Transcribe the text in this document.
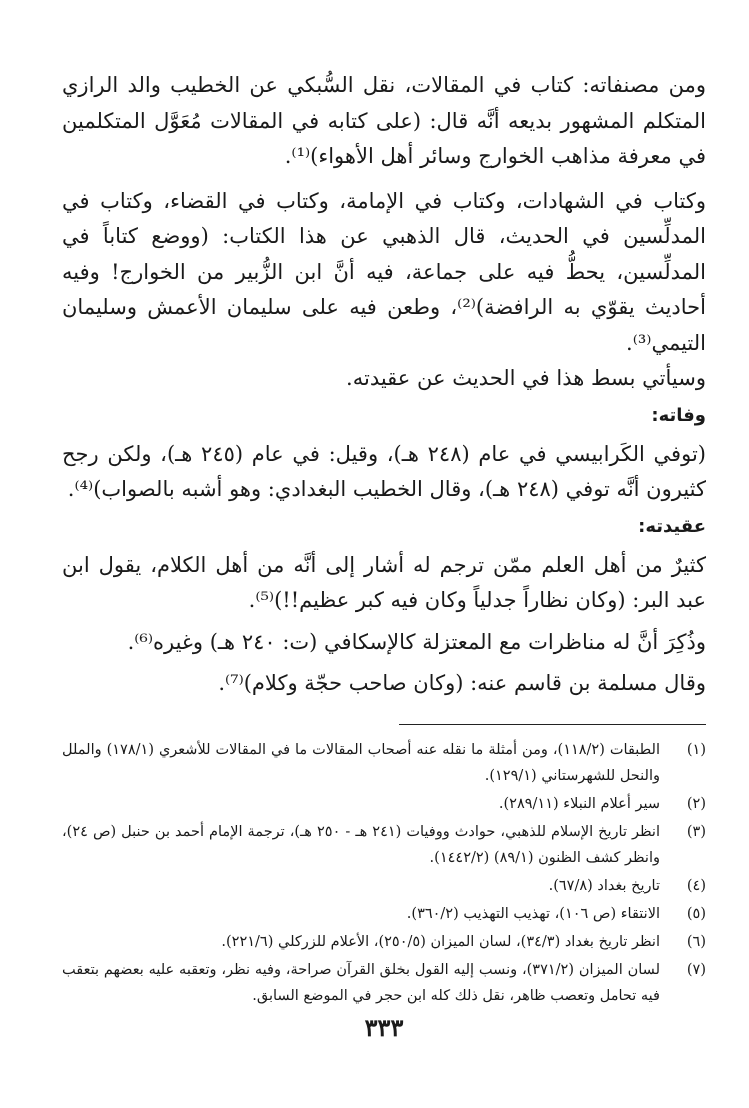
ومن مصنفاته: كتاب في المقالات، نقل السُّبكي عن الخطيب والد الرازي المتكلم المشهور بديعه أنَّه قال: (على كتابه في المقالات مُعَوَّل المتكلمين في معرفة مذاهب الخوارج وسائر أهل الأهواء)⁽¹⁾.

وكتاب في الشهادات، وكتاب في الإمامة، وكتاب في القضاء، وكتاب في المدلِّسين في الحديث، قال الذهبي عن هذا الكتاب: (ووضع كتاباً في المدلِّسين، يحطُّ فيه على جماعة، فيه أنَّ ابن الزُّبير من الخوارج! وفيه أحاديث يقوّي به الرافضة)⁽²⁾، وطعن فيه على سليمان الأعمش وسليمان التيمي⁽³⁾.

وسيأتي بسط هذا في الحديث عن عقيدته.

وفاته:

(توفي الكَرابيسي في عام (٢٤٨ هـ)، وقيل: في عام (٢٤٥ هـ)، ولكن رجح كثيرون أنَّه توفي (٢٤٨ هـ)، وقال الخطيب البغدادي: وهو أشبه بالصواب)⁽⁴⁾.

عقيدته:

كثيرٌ من أهل العلم ممّن ترجم له أشار إلى أنَّه من أهل الكلام، يقول ابن عبد البر: (وكان نظاراً جدلياً وكان فيه كبر عظيم!!)⁽⁵⁾.

وذُكِرَ أنَّ له مناظرات مع المعتزلة كالإسكافي (ت: ٢٤٠ هـ) وغيره⁽⁶⁾.

وقال مسلمة بن قاسم عنه: (وكان صاحب حجّة وكلام)⁽⁷⁾.

(١)
الطبقات (١١٨/٢)، ومن أمثلة ما نقله عنه أصحاب المقالات ما في المقالات للأشعري (١٧٨/١) والملل والنحل للشهرستاني (١٢٩/١).
(٢)
سير أعلام النبلاء (٢٨٩/١١).
(٣)
انظر تاريخ الإسلام للذهبي، حوادث ووفيات (٢٤١ هـ - ٢٥٠ هـ)، ترجمة الإمام أحمد بن حنبل (ص ٢٤)، وانظر كشف الظنون (٨٩/١) (١٤٤٢/٢).
(٤)
تاريخ بغداد (٦٧/٨).
(٥)
الانتقاء (ص ١٠٦)، تهذيب التهذيب (٣٦٠/٢).
(٦)
انظر تاريخ بغداد (٣٤/٣)، لسان الميزان (٢٥٠/٥)، الأعلام للزركلي (٢٢١/٦).
(٧)
لسان الميزان (٣٧١/٢)، ونسب إليه القول بخلق القرآن صراحة، وفيه نظر، وتعقبه عليه بعضهم بتعقب فيه تحامل وتعصب ظاهر، نقل ذلك كله ابن حجر في الموضع السابق.
٣٣٣
